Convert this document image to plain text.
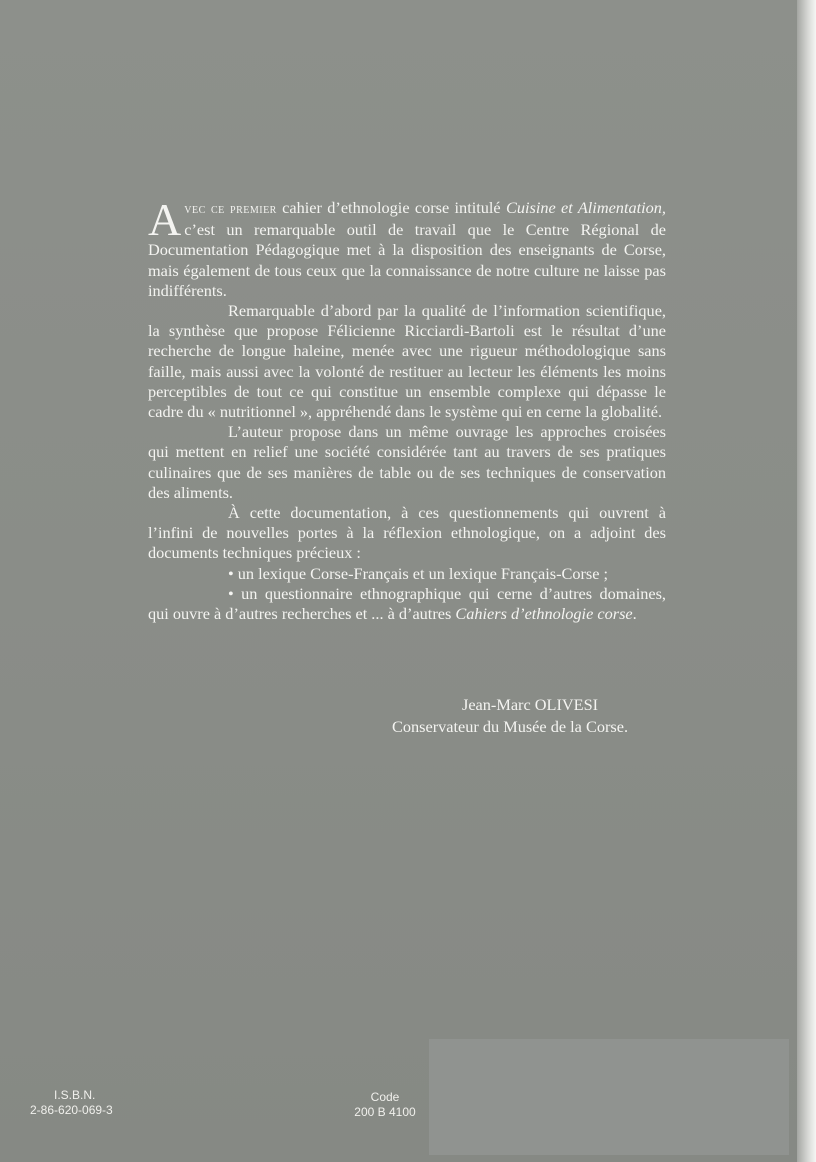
Avec ce premier cahier d’ethnologie corse intitulé Cuisine et Alimentation, c’est un remarquable outil de travail que le Centre Régional de Documentation Pédagogique met à la disposition des enseignants de Corse, mais également de tous ceux que la connaissance de notre culture ne laisse pas indifférents.

Remarquable d’abord par la qualité de l’information scientifique, la synthèse que propose Félicienne Ricciardi-Bartoli est le résultat d’une recherche de longue haleine, menée avec une rigueur méthodologique sans faille, mais aussi avec la volonté de restituer au lecteur les éléments les moins perceptibles de tout ce qui constitue un ensemble complexe qui dépasse le cadre du « nutritionnel », appréhendé dans le système qui en cerne la globalité.

L’auteur propose dans un même ouvrage les approches croisées qui mettent en relief une société considérée tant au travers de ses pratiques culinaires que de ses manières de table ou de ses techniques de conservation des aliments.

À cette documentation, à ces questionnements qui ouvrent à l’infini de nouvelles portes à la réflexion ethnologique, on a adjoint des documents techniques précieux :

• un lexique Corse-Français et un lexique Français-Corse ;

• un questionnaire ethnographique qui cerne d’autres domaines, qui ouvre à d’autres recherches et ... à d’autres Cahiers d’ethnologie corse.

Jean-Marc OLIVESI
Conservateur du Musée de la Corse.
I.S.B.N.
2-86-620-069-3
Code
200 B 4100
